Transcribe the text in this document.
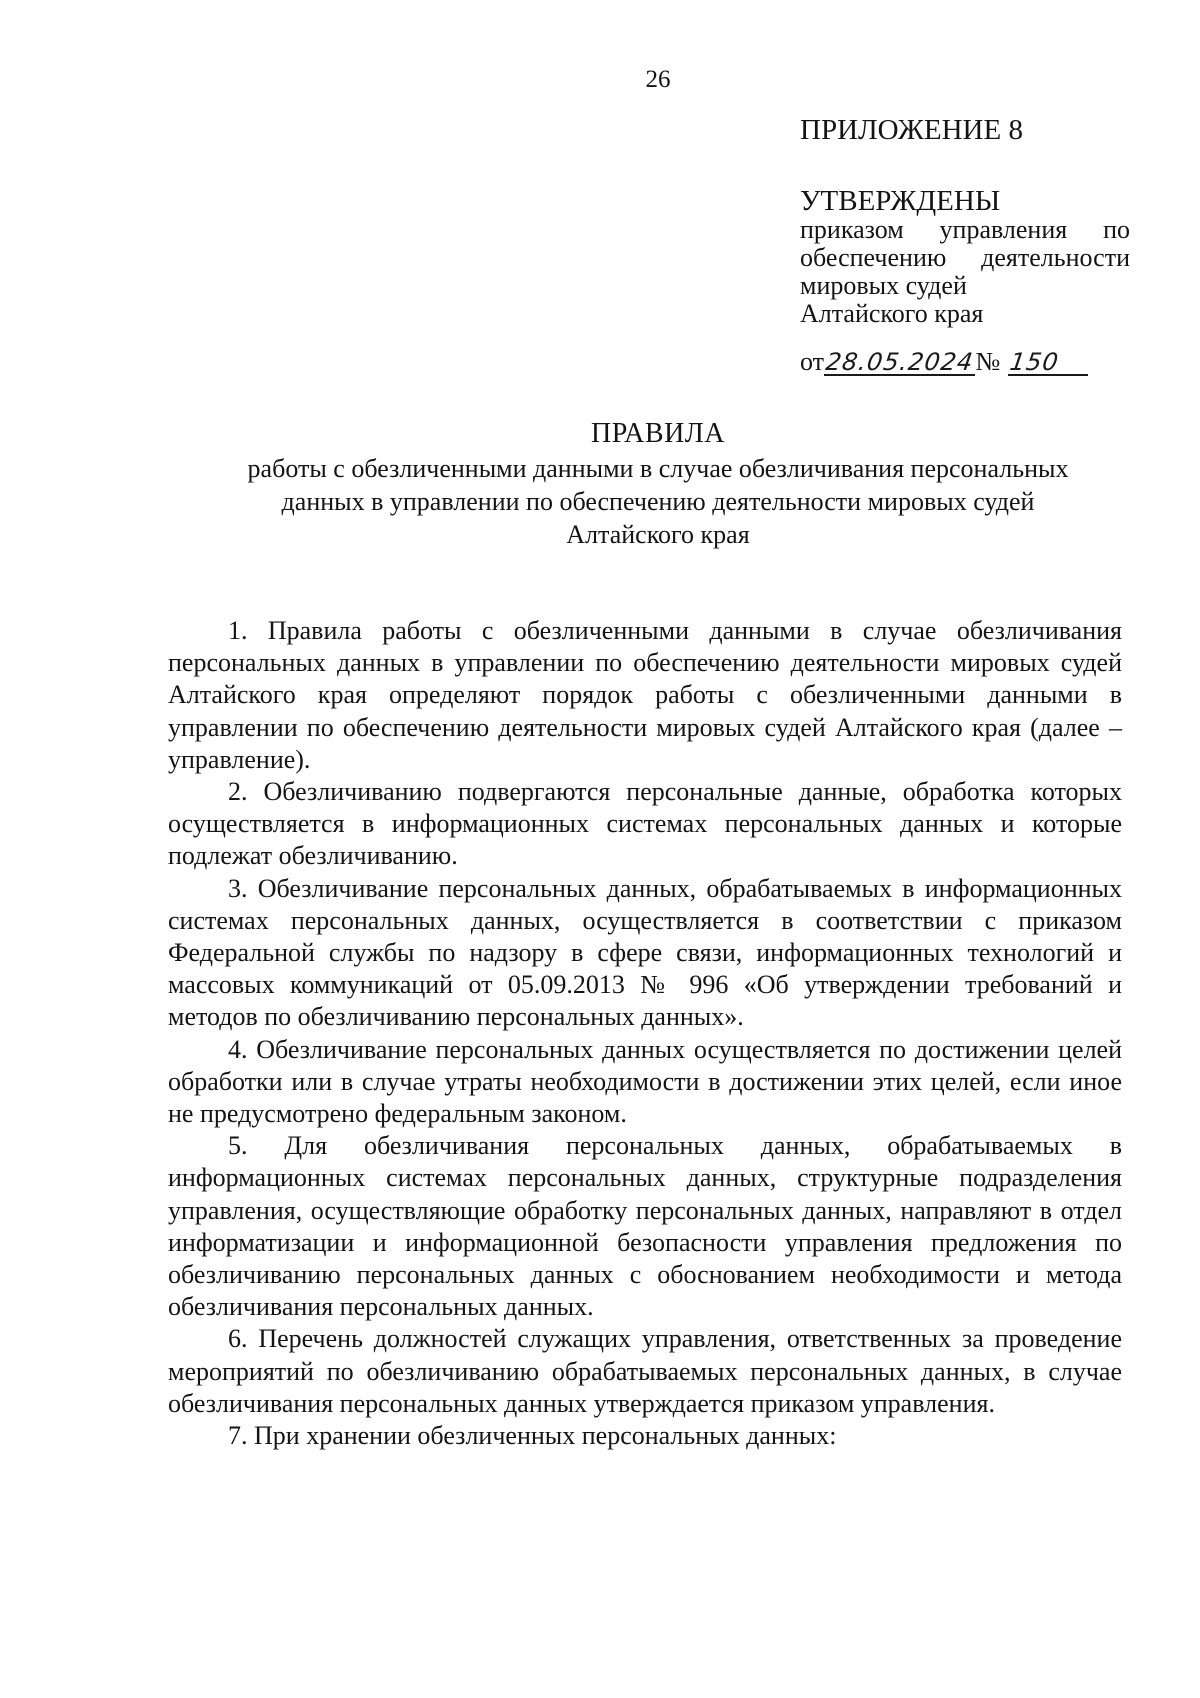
26
ПРИЛОЖЕНИЕ 8
УТВЕРЖДЕНЫ
приказом управления по обеспечению деятельности мировых судей
Алтайского края
от 28.05.2024 № 150
ПРАВИЛА
работы с обезличенными данными в случае обезличивания персональных данных в управлении по обеспечению деятельности мировых судей Алтайского края

1. Правила работы с обезличенными данными в случае обезличивания персональных данных в управлении по обеспечению деятельности мировых судей Алтайского края определяют порядок работы с обезличенными данными в управлении по обеспечению деятельности мировых судей Алтайского края (далее – управление).

2. Обезличиванию подвергаются персональные данные, обработка которых осуществляется в информационных системах персональных данных и которые подлежат обезличиванию.

3. Обезличивание персональных данных, обрабатываемых в информационных системах персональных данных, осуществляется в соответствии с приказом Федеральной службы по надзору в сфере связи, информационных технологий и массовых коммуникаций от 05.09.2013 № 996 «Об утверждении требований и методов по обезличиванию персональных данных».

4. Обезличивание персональных данных осуществляется по достижении целей обработки или в случае утраты необходимости в достижении этих целей, если иное не предусмотрено федеральным законом.

5. Для обезличивания персональных данных, обрабатываемых в информационных системах персональных данных, структурные подразделения управления, осуществляющие обработку персональных данных, направляют в отдел информатизации и информационной безопасности управления предложения по обезличиванию персональных данных с обоснованием необходимости и метода обезличивания персональных данных.

6. Перечень должностей служащих управления, ответственных за проведение мероприятий по обезличиванию обрабатываемых персональных данных, в случае обезличивания персональных данных утверждается приказом управления.

7. При хранении обезличенных персональных данных:
